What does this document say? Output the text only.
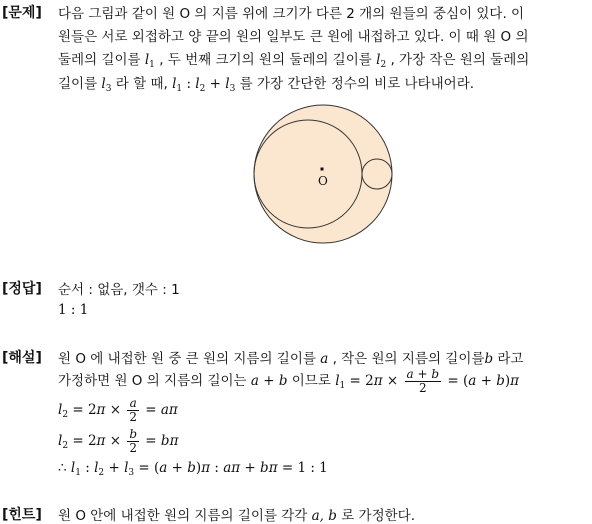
[문제] 다음 그림과 같이 원 O 의 지름 위에 크기가 다른 2 개의 원들의 중심이 있다. 이
원들은 서로 외접하고 양 끝의 원의 일부도 큰 원에 내접하고 있다. 이 때 원 O 의
둘레의 길이를 $l_1$ , 두 번째 크기의 원의 둘레의 길이를 $l_2$ , 가장 작은 원의 둘레의
길이를 $l_3$ 라 할 때, $l_1$ : $l_2 + l_3$ 를 가장 간단한 정수의 비로 나타내어라.
O
[정답] 순서 : 없음, 갯수 : 1
1 : 1
[해설] 원 O 에 내접한 원 중 큰 원의 지름의 길이를 a , 작은 원의 지름의 길이를b 라고
가정하면 원 O 의 지름의 길이는 a + b 이므로 $l_1 = 2\pi \times \frac{a + b}{2} = (a + b)\pi$
$l_2 = 2\pi \times \frac{a}{2} = a\pi$
$l_2 = 2\pi \times \frac{b}{2} = b\pi$
∴ $l_1$ : $l_2 + l_3 = (a + b)\pi$ : aπ + bπ = 1 : 1
[힌트] 원 O 안에 내접한 원의 지름의 길이를 각각 a, b 로 가정한다.
